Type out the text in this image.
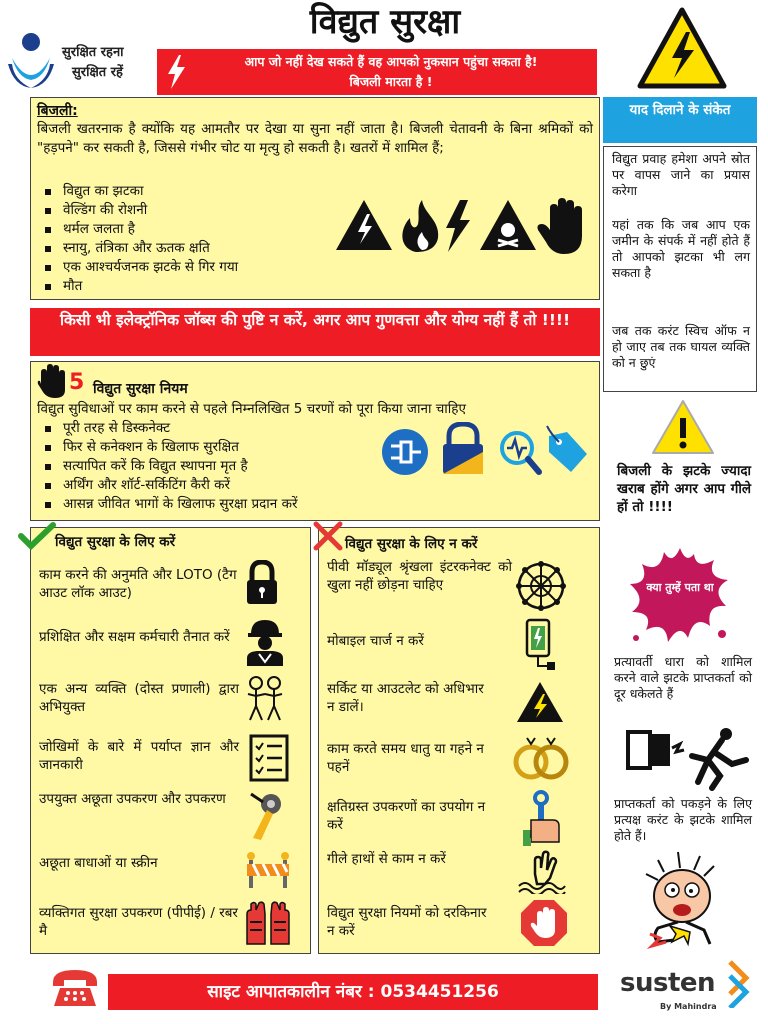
विद्युत सुरक्षा
सुरक्षित रहना
सुरक्षित रहें
आप जो नहीं देख सकते हैं वह आपको नुकसान पहुंचा सकता है!
बिजली मारता है !
बिजली:
बिजली खतरनाक है क्योंकि यह आमतौर पर देखा या सुना नहीं जाता है। बिजली चेतावनी के बिना श्रमिकों को "हड़पने" कर सकती है, जिससे गंभीर चोट या मृत्यु हो सकती है। खतरों में शामिल हैं;
विद्युत का झटका
वेल्डिंग की रोशनी
थर्मल जलता है
स्नायु, तंत्रिका और ऊतक क्षति
एक आश्चर्यजनक झटके से गिर गया
मौत
किसी भी इलेक्ट्रॉनिक जॉब्स की पुष्टि न करें, अगर आप गुणवत्ता और योग्य नहीं हैं तो !!!!
5 विद्युत सुरक्षा नियम
विद्युत सुविधाओं पर काम करने से पहले निम्नलिखित 5 चरणों को पूरा किया जाना चाहिए
पूरी तरह से डिस्कनेक्ट
फिर से कनेक्शन के खिलाफ सुरक्षित
सत्यापित करें कि विद्युत स्थापना मृत है
अर्थिंग और शॉर्ट-सर्किटिंग कैरी करें
आसन्न जीवित भागों के खिलाफ सुरक्षा प्रदान करें
विद्युत सुरक्षा के लिए करें
काम करने की अनुमति और LOTO (टैग आउट लॉक आउट)
प्रशिक्षित और सक्षम कर्मचारी तैनात करें
एक अन्य व्यक्ति (दोस्त प्रणाली) द्वारा अभियुक्त
जोखिमों के बारे में पर्याप्त ज्ञान और जानकारी
उपयुक्त अछूता उपकरण और उपकरण
अछूता बाधाओं या स्क्रीन
व्यक्तिगत सुरक्षा उपकरण (पीपीई) / रबर मै
विद्युत सुरक्षा के लिए न करें
पीवी मॉड्यूल श्रृंखला इंटरकनेक्ट को खुला नहीं छोड़ना चाहिए
मोबाइल चार्ज न करें
सर्किट या आउटलेट को अधिभार न डालें।
काम करते समय धातु या गहने न पहनें
क्षतिग्रस्त उपकरणों का उपयोग न करें
गीले हाथों से काम न करें
विद्युत सुरक्षा नियमों को दरकिनार न करें
याद दिलाने के संकेत
विद्युत प्रवाह हमेशा अपने स्रोत पर वापस जाने का प्रयास करेगा
यहां तक कि जब आप एक जमीन के संपर्क में नहीं होते हैं तो आपको झटका भी लग सकता है
जब तक करंट स्विच ऑफ न हो जाए तब तक घायल व्यक्ति को न छुएं
बिजली के झटके ज्यादा खराब होंगे अगर आप गीले हों तो !!!!
क्या तुम्हें पता था
प्रत्यावर्ती धारा को शामिल करने वाले झटके प्राप्तकर्ता को दूर धकेलते हैं
प्राप्तकर्ता को पकड़ने के लिए प्रत्यक्ष करंट के झटके शामिल होते हैं।
साइट आपातकालीन नंबर : 0534451256	susten
By Mahindra
